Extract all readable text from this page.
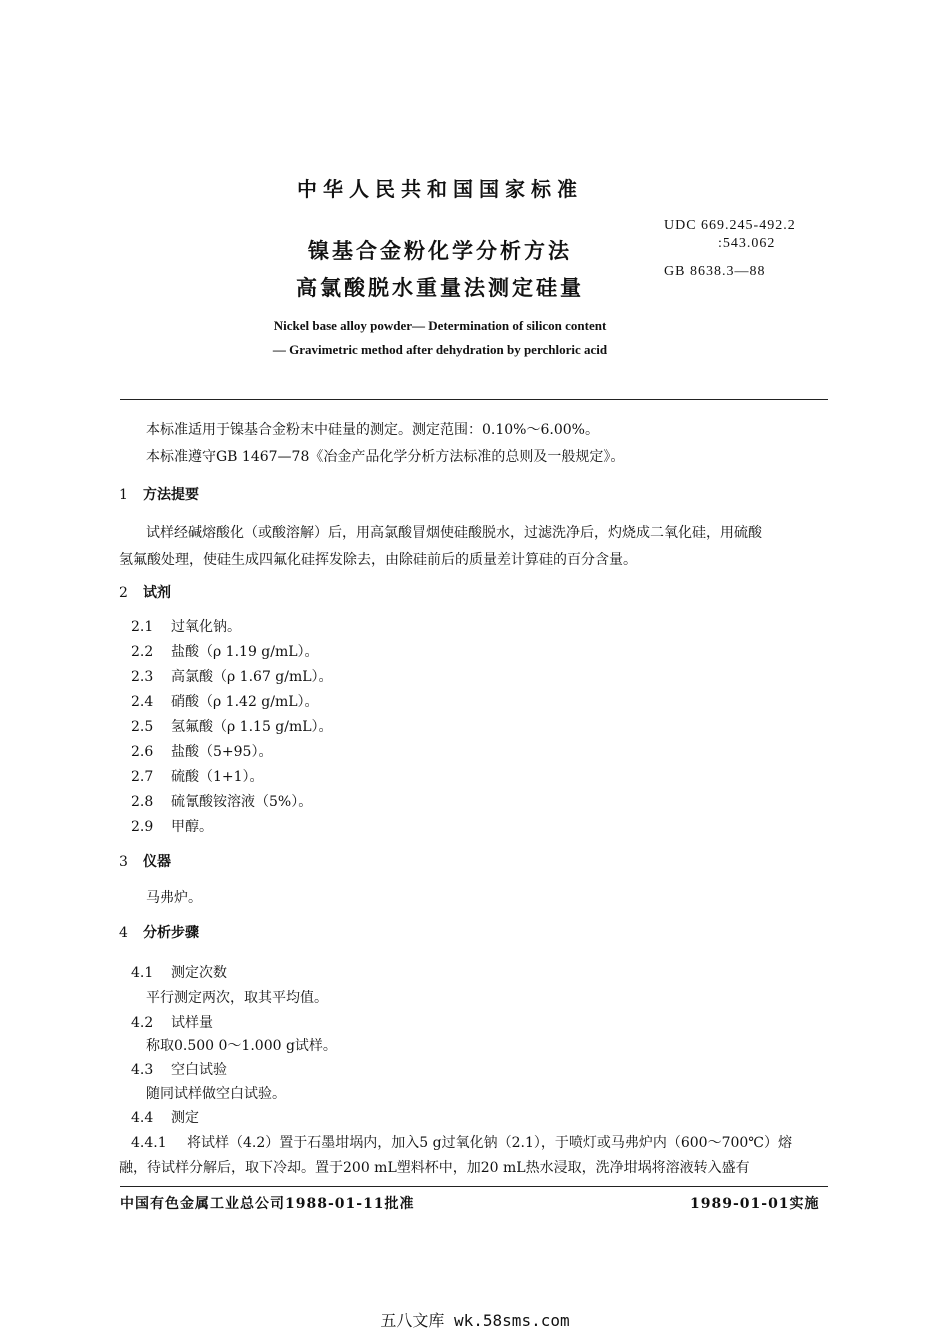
中华人民共和国国家标准
UDC 669.245-492.2
:543.062
GB 8638.3—88
镍基合金粉化学分析方法
高氯酸脱水重量法测定硅量
Nickel base alloy powder— Determination of silicon content
— Gravimetric method after dehydration by perchloric acid
本标准适用于镍基合金粉末中硅量的测定。测定范围：0.10%～6.00%。
本标准遵守GB 1467—78《冶金产品化学分析方法标准的总则及一般规定》。
1 方法提要
试样经碱熔酸化（或酸溶解）后，用高氯酸冒烟使硅酸脱水，过滤洗净后，灼烧成二氧化硅，用硫酸
氢氟酸处理，使硅生成四氟化硅挥发除去，由除硅前后的质量差计算硅的百分含量。
2 试剂
2.1 过氧化钠。
2.2 盐酸（ρ 1.19 g/mL）。
2.3 高氯酸（ρ 1.67 g/mL）。
2.4 硝酸（ρ 1.42 g/mL）。
2.5 氢氟酸（ρ 1.15 g/mL）。
2.6 盐酸（5+95）。
2.7 硫酸（1+1）。
2.8 硫氰酸铵溶液（5%）。
2.9 甲醇。
3 仪器
马弗炉。
4 分析步骤
4.1 测定次数
平行测定两次，取其平均值。
4.2 试样量
称取0.500 0～1.000 g试样。
4.3 空白试验
随同试样做空白试验。
4.4 测定
4.4.1 将试样（4.2）置于石墨坩埚内，加入5 g过氧化钠（2.1），于喷灯或马弗炉内（600～700℃）熔
融，待试样分解后，取下冷却。置于200 mL塑料杯中，加20 mL热水浸取，洗净坩埚将溶液转入盛有
中国有色金属工业总公司1988-01-11批准	1989-01-01实施
五八文库 wk.58sms.com
